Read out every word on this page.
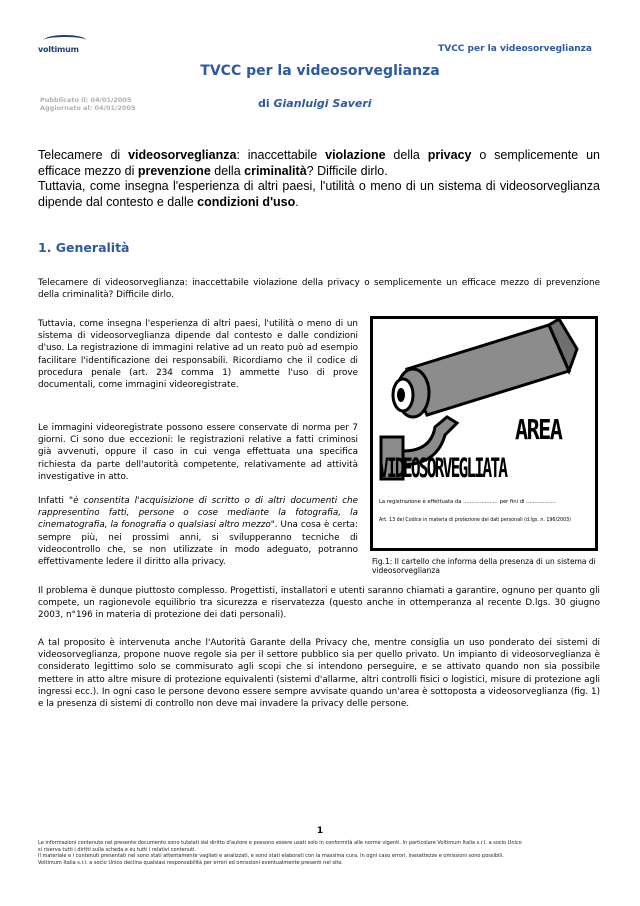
voltimum	TVCC per la videosorveglianza
TVCC per la videosorveglianza
Pubblicato il: 04/01/2005
Aggiornato al: 04/01/2005	di Gianluigi Saveri
Telecamere di videosorveglianza: inaccettabile violazione della privacy o semplicemente un efficace mezzo di prevenzione della criminalità? Difficile dirlo.
Tuttavia, come insegna l'esperienza di altri paesi, l'utilità o meno di un sistema di videosorveglianza dipende dal contesto e dalle condizioni d'uso.
1. Generalità
Telecamere di videosorveglianza: inaccettabile violazione della privacy o semplicemente un efficace mezzo di prevenzione della criminalità? Difficile dirlo.
Tuttavia, come insegna l'esperienza di altri paesi, l'utilità o meno di un sistema di videosorveglianza dipende dal contesto e dalle condizioni d'uso. La registrazione di immagini relative ad un reato può ad esempio facilitare l'identificazione dei responsabili. Ricordiamo che il codice di procedura penale (art. 234 comma 1) ammette l'uso di prove documentali, come immagini videoregistrate.
Le immagini videoregistrate possono essere conservate di norma per 7 giorni. Ci sono due eccezioni: le registrazioni relative a fatti criminosi già avvenuti, oppure il caso in cui venga effettuata una specifica richiesta da parte dell'autorità competente, relativamente ad attività investigative in atto.
Infatti "è consentita l'acquisizione di scritto o di altri documenti che rappresentino fatti, persone o cose mediante la fotografia, la cinematografia, la fonografia o qualsiasi altro mezzo". Una cosa è certa: sempre più, nei prossimi anni, si svilupperanno tecniche di videocontrollo che, se non utilizzate in modo adeguato, potranno effettivamente ledere il diritto alla privacy.
AREA
VIDEOSORVEGLIATA
La registrazione è effettuata da ..................... per fini di ..................
Art. 13 del Codice in materia di protezione dei dati personali (d.lgs. n. 196/2003)
Fig.1: Il cartello che informa della presenza di un sistema di videosorveglianza
Il problema è dunque piuttosto complesso. Progettisti, installatori e utenti saranno chiamati a garantire, ognuno per quanto gli compete, un ragionevole equilibrio tra sicurezza e riservatezza (questo anche in ottemperanza al recente D.lgs. 30 giugno 2003, n°196 in materia di protezione dei dati personali).
A tal proposito è intervenuta anche l'Autorità Garante della Privacy che, mentre consiglia un uso ponderato dei sistemi di videosorveglianza, propone nuove regole sia per il settore pubblico sia per quello privato. Un impianto di videosorveglianza è considerato legittimo solo se commisurato agli scopi che si intendono perseguire, e se attivato quando non sia possibile mettere in atto altre misure di protezione equivalenti (sistemi d'allarme, altri controlli fisici o logistici, misure di protezione agli ingressi ecc.). In ogni caso le persone devono essere sempre avvisate quando un'area è sottoposta a videosorveglianza (fig. 1) e la presenza di sistemi di controllo non deve mai invadere la privacy delle persone.
1
Le informazioni contenute nel presente documento sono tutelati dal diritto d'autore e possono essere usati solo in conformità alle norme vigenti. In particolare Voltimum Italia s.r.l. a socio Unico
si riserva tutti i diritti sulla scheda e su tutti i relativi contenuti.
Il materiale e i contenuti presentati nel sono stati attentamente vagliati e analizzati, e sono stati elaborati con la massima cura. In ogni caso errori, inesattezze e omissioni sono possibili.
Voltimum Italia s.r.l. a socio Unico declina qualsiasi responsabilità per errori ed omissioni eventualmente presenti nel sito.
